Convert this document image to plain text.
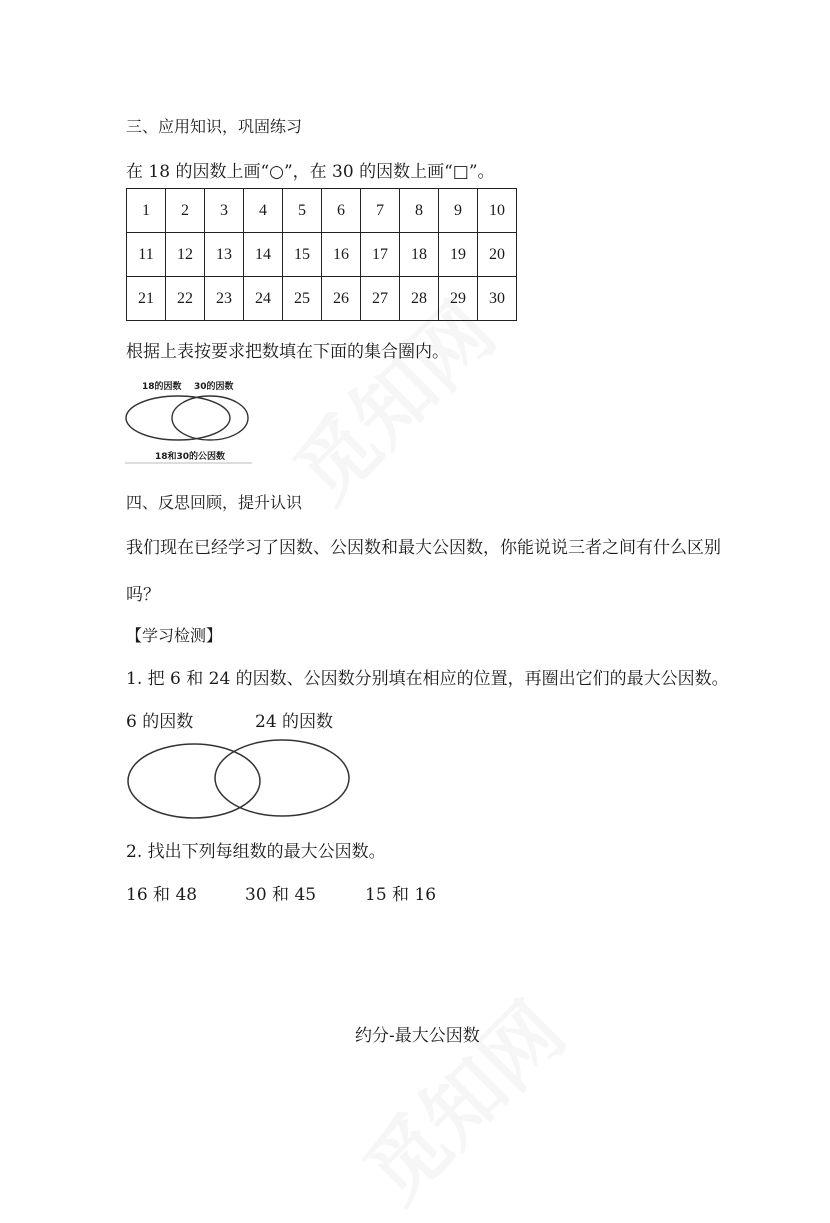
三、应用知识，巩固练习
在 18 的因数上画“○”，在 30 的因数上画“□”。
1	2	3	4	5	6	7	8	9	10
11	12	13	14	15	16	17	18	19	20
21	22	23	24	25	26	27	28	29	30
根据上表按要求把数填在下面的集合圈内。
18的因数 30的因数
18和30的公因数
四、反思回顾，提升认识
我们现在已经学习了因数、公因数和最大公因数，你能说说三者之间有什么区别
吗？
【学习检测】
1. 把 6 和 24 的因数、公因数分别填在相应的位置，再圈出它们的最大公因数。
6 的因数	24 的因数
2. 找出下列每组数的最大公因数。
16 和 48	30 和 45	15 和 16
约分-最大公因数
